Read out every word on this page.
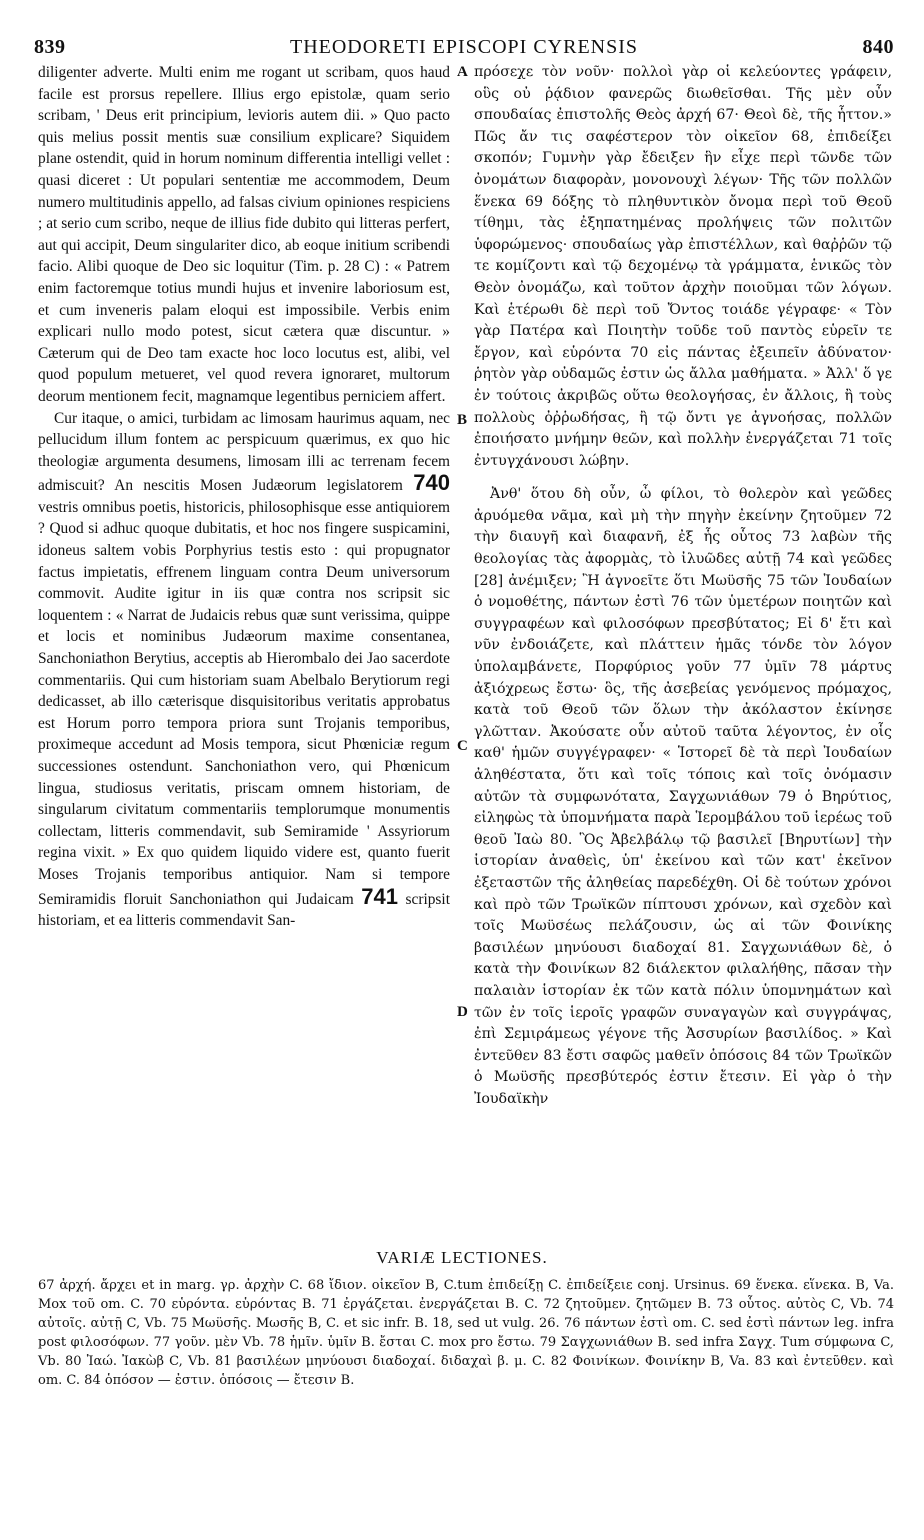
839	THEODORETI EPISCOPI CYRENSIS	840

diligenter adverte. Multi enim me rogant ut scribam, quos haud facile est prorsus repellere. Illius ergo epistolæ, quam serio scribam, ' Deus erit principium, levioris autem dii. » Quo pacto quis melius possit mentis suæ consilium explicare? Siquidem plane ostendit, quid in horum nominum differentia intelligi vellet : quasi diceret : Ut populari sententiæ me accommodem, Deum numero multitudinis appello, ad falsas civium opiniones respiciens ; at serio cum scribo, neque de illius fide dubito qui litteras perfert, aut qui accipit, Deum singulariter dico, ab eoque initium scribendi facio. Alibi quoque de Deo sic loquitur (Tim. p. 28 C) : « Patrem enim factoremque totius mundi hujus et invenire laboriosum est, et cum inveneris palam eloqui est impossibile. Verbis enim explicari nullo modo potest, sicut cætera quæ discuntur. » Cæterum qui de Deo tam exacte hoc loco locutus est, alibi, vel quod populum metueret, vel quod revera ignoraret, multorum deorum mentionem fecit, magnamque legentibus perniciem affert.

Cur itaque, o amici, turbidam ac limosam haurimus aquam, nec pellucidum illum fontem ac perspicuum quærimus, ex quo hic theologiæ argumenta desumens, limosam illi ac terrenam fecem admiscuit? An nescitis Mosen Judæorum legislatorem 740 vestris omnibus poetis, historicis, philosophisque esse antiquiorem ? Quod si adhuc quoque dubitatis, et hoc nos fingere suspicamini, idoneus saltem vobis Porphyrius testis esto : qui propugnator factus impietatis, effrenem linguam contra Deum universorum commovit. Audite igitur in iis quæ contra nos scripsit sic loquentem : « Narrat de Judaicis rebus quæ sunt verissima, quippe et locis et nominibus Judæorum maxime consentanea, Sanchoniathon Berytius, acceptis ab Hierombalo dei Jao sacerdote commentariis. Qui cum historiam suam Abelbalo Berytiorum regi dedicasset, ab illo cæterisque disquisitoribus veritatis approbatus est Horum porro tempora priora sunt Trojanis temporibus, proximeque accedunt ad Mosis tempora, sicut Phœniciæ regum successiones ostendunt. Sanchoniathon vero, qui Phœnicum lingua, studiosus veritatis, priscam omnem historiam, de singularum civitatum commentariis templorumque monumentis collectam, litteris commendavit, sub Semiramide ' Assyriorum regina vixit. » Ex quo quidem liquido videre est, quanto fuerit Moses Trojanis temporibus antiquior. Nam si tempore Semiramidis floruit Sanchoniathon qui Judaicam 741 scripsit historiam, et ea litteris commendavit San-

A
B
C
D

πρόσεχε τὸν νοῦν· πολλοὶ γὰρ οἱ κελεύοντες γράφειν, οὓς οὐ ῥᾴδιον φανερῶς διωθεῖσθαι. Τῆς μὲν οὖν σπουδαίας ἐπιστολῆς Θεὸς ἀρχή 67· Θεοὶ δὲ, τῆς ἧττον.» Πῶς ἄν τις σαφέστερον τὸν οἰκεῖον 68, ἐπιδείξει σκοπόν; Γυμνὴν γὰρ ἔδειξεν ἣν εἶχε περὶ τῶνδε τῶν ὀνομάτων διαφορὰν, μονονουχὶ λέγων· Τῆς τῶν πολλῶν ἕνεκα 69 δόξης τὸ πληθυντικὸν ὄνομα περὶ τοῦ Θεοῦ τίθημι, τὰς ἐξηπατημένας προλήψεις τῶν πολιτῶν ὑφορώμενος· σπουδαίως γὰρ ἐπιστέλλων, καὶ θαῤῥῶν τῷ τε κομίζοντι καὶ τῷ δεχομένῳ τὰ γράμματα, ἑνικῶς τὸν Θεὸν ὀνομάζω, καὶ τοῦτον ἀρχὴν ποιοῦμαι τῶν λόγων. Καὶ ἑτέρωθι δὲ περὶ τοῦ Ὄντος τοιάδε γέγραφε· « Τὸν γὰρ Πατέρα καὶ Ποιητὴν τοῦδε τοῦ παντὸς εὑρεῖν τε ἔργον, καὶ εὑρόντα 70 εἰς πάντας ἐξειπεῖν ἀδύνατον· ῥητὸν γὰρ οὐδαμῶς ἐστιν ὡς ἄλλα μαθήματα. » Ἀλλ' ὅ γε ἐν τούτοις ἀκριβῶς οὕτω θεολογήσας, ἐν ἄλλοις, ἢ τοὺς πολλοὺς ὀῤῥωδήσας, ἢ τῷ ὄντι γε ἀγνοήσας, πολλῶν ἐποιήσατο μνήμην θεῶν, καὶ πολλὴν ἐνεργάζεται 71 τοῖς ἐντυγχάνουσι λώβην.

Ἀνθ' ὅτου δὴ οὖν, ὦ φίλοι, τὸ θολερὸν καὶ γεῶδες ἀρυόμεθα νᾶμα, καὶ μὴ τὴν πηγὴν ἐκείνην ζητοῦμεν 72 τὴν διαυγῆ καὶ διαφανῆ, ἐξ ἧς οὗτος 73 λαβὼν τῆς θεολογίας τὰς ἀφορμὰς, τὸ ἰλυῶδες αὐτῇ 74 καὶ γεῶδες [28] ἀνέμιξεν; Ἢ ἀγνοεῖτε ὅτι Μωϋσῆς 75 τῶν Ἰουδαίων ὁ νομοθέτης, πάντων ἐστὶ 76 τῶν ὑμετέρων ποιητῶν καὶ συγγραφέων καὶ φιλοσόφων πρεσβύτατος; Εἰ δ' ἔτι καὶ νῦν ἐνδοιάζετε, καὶ πλάττειν ἡμᾶς τόνδε τὸν λόγον ὑπολαμβάνετε, Πορφύριος γοῦν 77 ὑμῖν 78 μάρτυς ἀξιόχρεως ἔστω· ὃς, τῆς ἀσεβείας γενόμενος πρόμαχος, κατὰ τοῦ Θεοῦ τῶν ὅλων τὴν ἀκόλαστον ἐκίνησε γλῶτταν. Ἀκούσατε οὖν αὐτοῦ ταῦτα λέγοντος, ἐν οἷς καθ' ἡμῶν συγγέγραφεν· « Ἱστορεῖ δὲ τὰ περὶ Ἰουδαίων ἀληθέστατα, ὅτι καὶ τοῖς τόποις καὶ τοῖς ὀνόμασιν αὐτῶν τὰ συμφωνότατα, Σαγχωνιάθων 79 ὁ Βηρύτιος, εἰληφὼς τὰ ὑπομνήματα παρὰ Ἱερομβάλου τοῦ ἱερέως τοῦ θεοῦ Ἰαὼ 80. Ὃς Ἀβελβάλῳ τῷ βασιλεῖ [Βηρυτίων] τὴν ἱστορίαν ἀναθεὶς, ὑπ' ἐκείνου καὶ τῶν κατ' ἐκεῖνον ἐξεταστῶν τῆς ἀληθείας παρεδέχθη. Οἱ δὲ τούτων χρόνοι καὶ πρὸ τῶν Τρωϊκῶν πίπτουσι χρόνων, καὶ σχεδὸν καὶ τοῖς Μωϋσέως πελάζουσιν, ὡς αἱ τῶν Φοινίκης βασιλέων μηνύουσι διαδοχαί 81. Σαγχωνιάθων δὲ, ὁ κατὰ τὴν Φοινίκων 82 διάλεκτον φιλαλήθης, πᾶσαν τὴν παλαιὰν ἱστορίαν ἐκ τῶν κατὰ πόλιν ὑπομνημάτων καὶ τῶν ἐν τοῖς ἱεροῖς γραφῶν συναγαγὼν καὶ συγγράψας, ἐπὶ Σεμιράμεως γέγονε τῆς Ἀσσυρίων βασιλίδος. » Καὶ ἐντεῦθεν 83 ἔστι σαφῶς μαθεῖν ὁπόσοις 84 τῶν Τρωϊκῶν ὁ Μωϋσῆς πρεσβύτερός ἐστιν ἔτεσιν. Εἰ γὰρ ὁ τὴν Ἰουδαϊκὴν

VARIÆ LECTIONES.
67 ἀρχή. ἄρχει et in marg. γρ. ἀρχὴν C. 68 ἴδιον. οἰκεῖον B, C.tum ἐπιδείξῃ C. ἐπιδείξειε conj. Ursinus. 69 ἕνεκα. εἵνεκα. B, Va. Mox τοῦ om. C. 70 εὑρόντα. εὑρόντας B. 71 ἐργάζεται. ἐνεργάζεται B. C. 72 ζητοῦμεν. ζητῶμεν B. 73 οὗτος. αὐτὸς C, Vb. 74 αὐτοῖς. αὐτῇ C, Vb. 75 Μωϋσῆς. Μωσῆς B, C. et sic infr. B. 18, sed ut vulg. 26. 76 πάντων ἐστὶ om. C. sed ἐστὶ πάντων leg. infra post φιλοσόφων. 77 γοῦν. μὲν Vb. 78 ἡμῖν. ὑμῖν B. ἔσται C. mox pro ἔστω. 79 Σαγχωνιάθων B. sed infra Σαγχ. Tum σύμφωνα C, Vb. 80 Ἰαώ. Ἰακὼβ C, Vb. 81 βασιλέων μηνύουσι διαδοχαί. διδαχαὶ β. μ. C. 82 Φοινίκων. Φοινίκην B, Va. 83 καὶ ἐντεῦθεν. καὶ om. C. 84 ὁπόσον — ἐστιν. ὁπόσοις — ἔτεσιν B.
